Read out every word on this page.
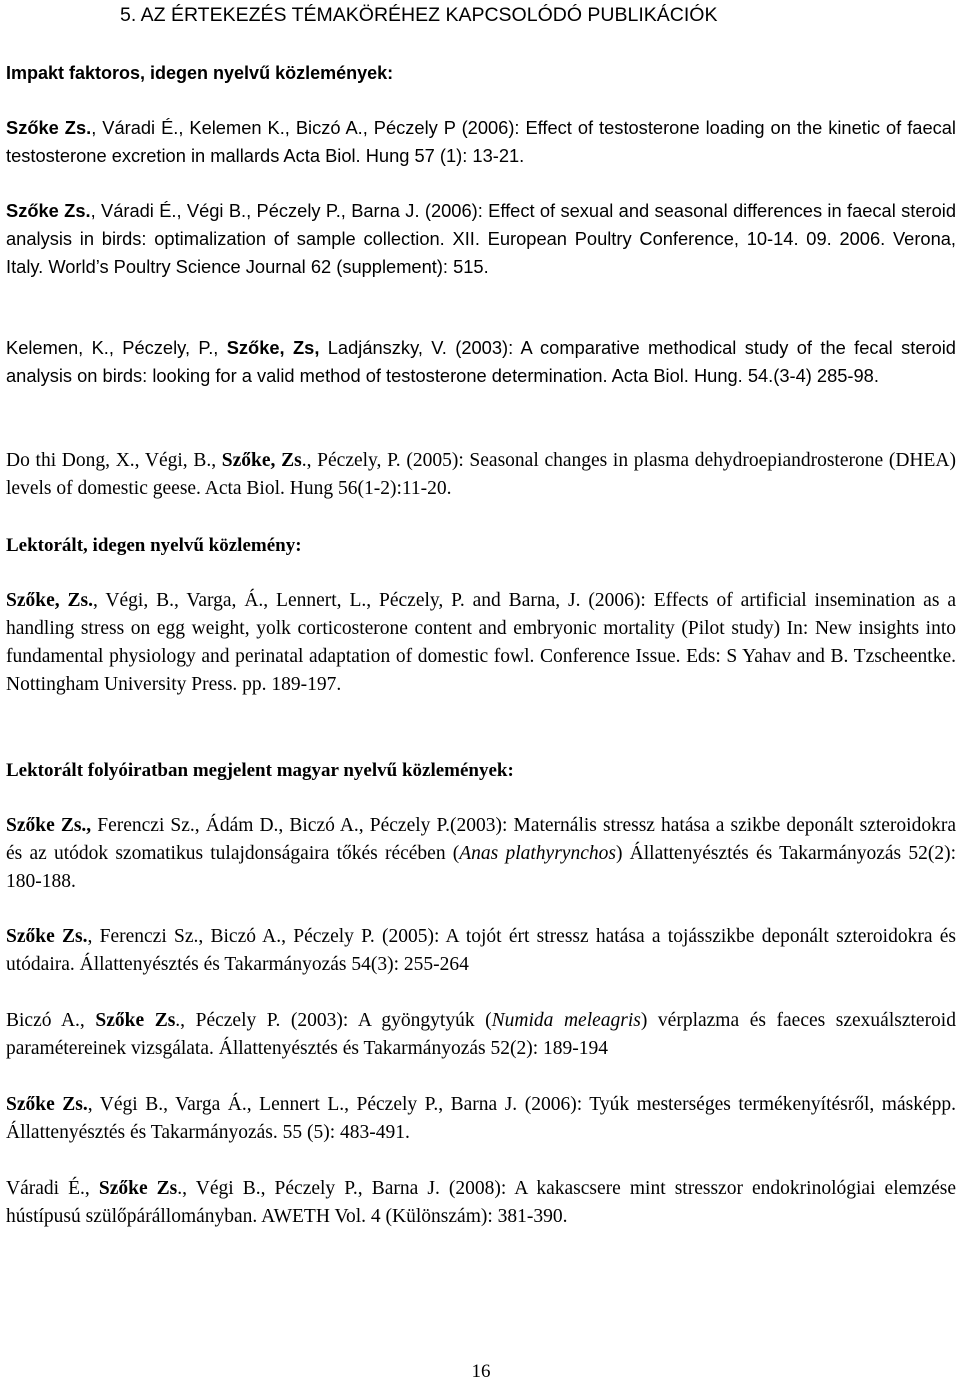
5. AZ ÉRTEKEZÉS TÉMAKÖRÉHEZ KAPCSOLÓDÓ PUBLIKÁCIÓK
Impakt faktoros, idegen nyelvű közlemények:
Szőke Zs., Váradi É., Kelemen K., Biczó A., Péczely P (2006): Effect of testosterone loading on the kinetic of faecal testosterone excretion in mallards Acta Biol. Hung 57 (1): 13-21.
Szőke Zs., Váradi É., Végi B., Péczely P., Barna J. (2006): Effect of sexual and seasonal differences in faecal steroid analysis in birds: optimalization of sample collection. XII. European Poultry Conference, 10-14. 09. 2006. Verona, Italy. World’s Poultry Science Journal 62 (supplement): 515.
Kelemen, K., Péczely, P., Szőke, Zs, Ladjánszky, V. (2003): A comparative methodical study of the fecal steroid analysis on birds: looking for a valid method of testosterone determination. Acta Biol. Hung. 54.(3-4) 285-98.
Do thi Dong, X., Végi, B., Szőke, Zs., Péczely, P. (2005): Seasonal changes in plasma dehydroepiandrosterone (DHEA) levels of domestic geese. Acta Biol. Hung 56(1-2):11-20.
Lektorált, idegen nyelvű közlemény:
Szőke, Zs., Végi, B., Varga, Á., Lennert, L., Péczely, P. and Barna, J. (2006): Effects of artificial insemination as a handling stress on egg weight, yolk corticosterone content and embryonic mortality (Pilot study) In: New insights into fundamental physiology and perinatal adaptation of domestic fowl. Conference Issue. Eds: S Yahav and B. Tzscheentke. Nottingham University Press. pp. 189-197.
Lektorált folyóiratban megjelent magyar nyelvű közlemények:
Szőke Zs., Ferenczi Sz., Ádám D., Biczó A., Péczely P.(2003): Maternális stressz hatása a szikbe deponált szteroidokra és az utódok szomatikus tulajdonságaira tőkés récében (Anas plathyrynchos) Állattenyésztés és Takarmányozás 52(2): 180-188.
Szőke Zs., Ferenczi Sz., Biczó A., Péczely P. (2005): A tojót ért stressz hatása a tojásszikbe deponált szteroidokra és utódaira. Állattenyésztés és Takarmányozás 54(3): 255-264
Biczó A., Szőke Zs., Péczely P. (2003): A gyöngytyúk (Numida meleagris) vérplazma és faeces szexuálszteroid paramétereinek vizsgálata. Állattenyésztés és Takarmányozás 52(2): 189-194
Szőke Zs., Végi B., Varga Á., Lennert L., Péczely P., Barna J. (2006): Tyúk mesterséges termékenyítésről, másképp. Állattenyésztés és Takarmányozás. 55 (5): 483-491.
Váradi É., Szőke Zs., Végi B., Péczely P., Barna J. (2008): A kakascsere mint stresszor endokrinológiai elemzése hústípusú szülőpárállományban. AWETH Vol. 4 (Különszám): 381-390.
16
